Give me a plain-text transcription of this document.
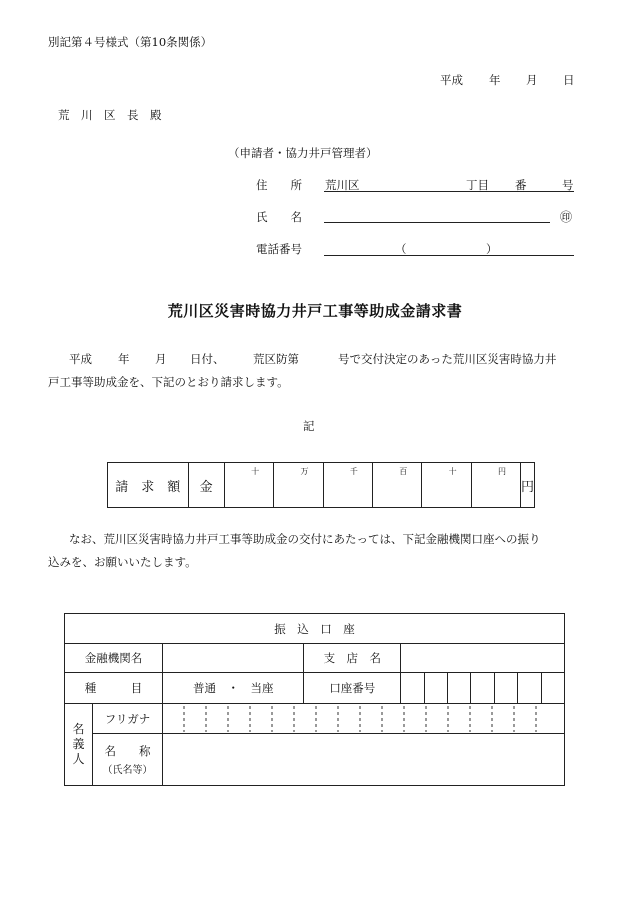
別記第４号様式（第10条関係）
平成 年 月 日
荒　川　区　長　殿
（申請者・協力井戸管理者）
住　　所 荒川区	丁目 番	号
氏　　名	㊞
電話番号	（	）
荒川区災害時協力井戸工事等助成金請求書
平成 年 月 日付、 荒区防第	号で交付決定のあった荒川区災害時協力井
戸工事等助成金を、下記のとおり請求します。
記
請　求　額	金	十	万	千	百	十	円	円
なお、荒川区災害時協力井戸工事等助成金の交付にあたっては、下記金融機関口座への振り
込みを、お願いいたします。
振　込　口　座										
金融機関名			支　店　名							
種　　　目		普通　・　当座	口座番号							

名義人	フリガナ	

	名　　称
（氏名等）									
